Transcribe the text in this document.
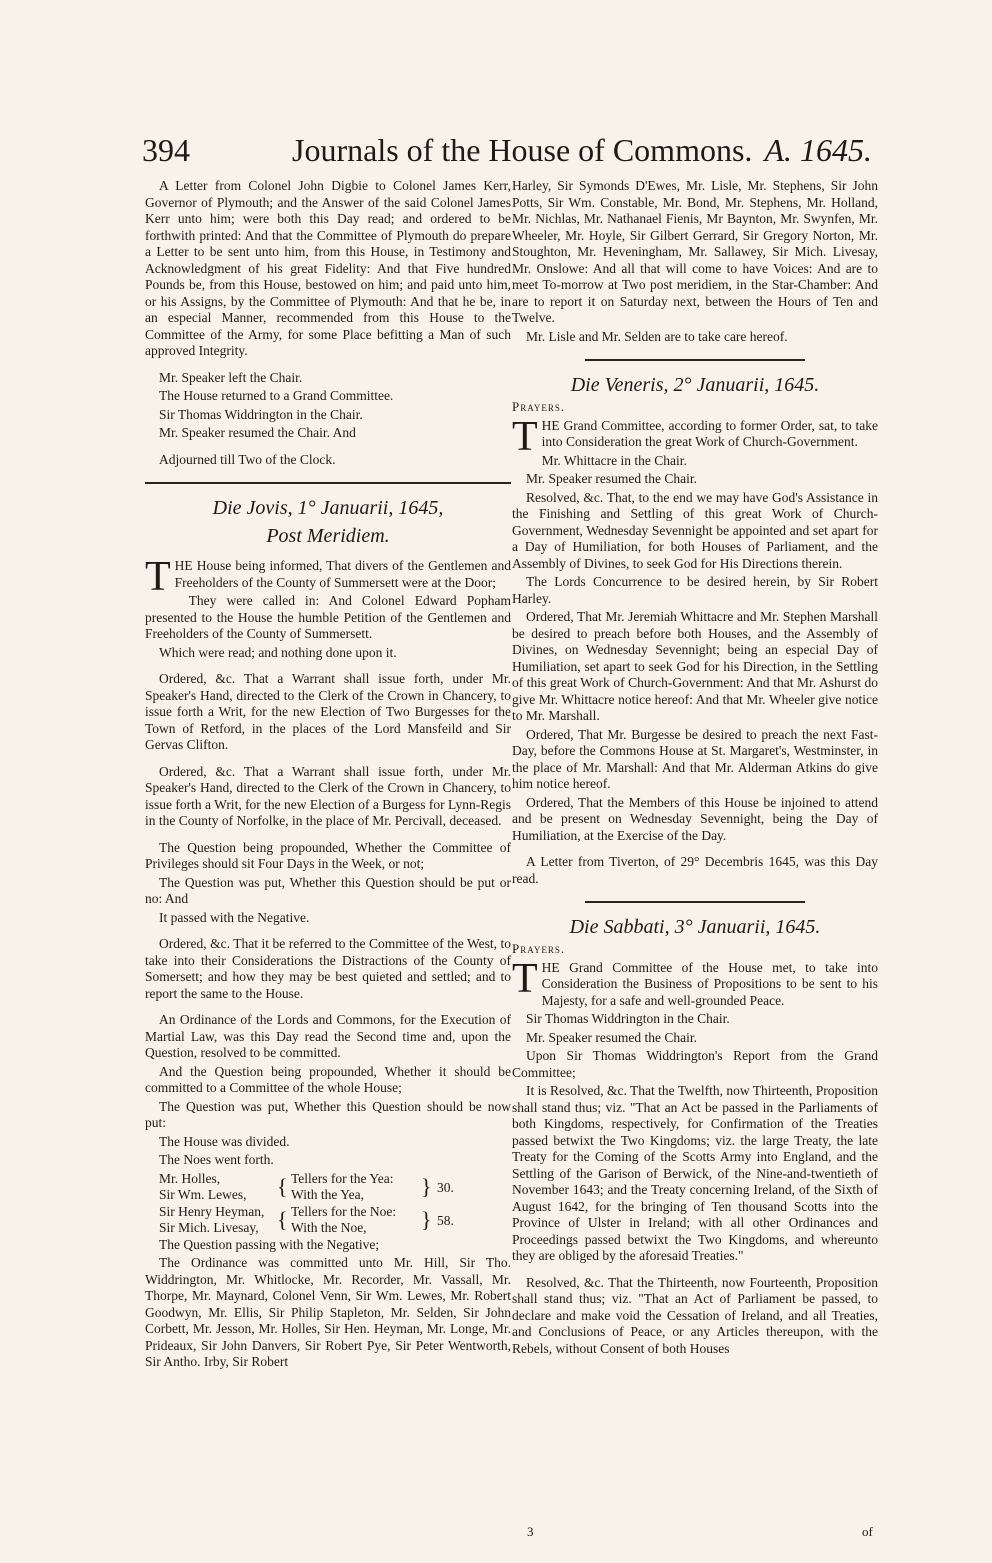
394	Journals of the House of Commons. A. 1645.

A Letter from Colonel John Digbie to Colonel James Kerr, Governor of Plymouth; and the Answer of the said Colonel James Kerr unto him; were both this Day read; and ordered to be forthwith printed: And that the Committee of Plymouth do prepare a Letter to be sent unto him, from this House, in Testimony and Acknowledgment of his great Fidelity: And that Five hundred Pounds be, from this House, bestowed on him; and paid unto him, or his Assigns, by the Committee of Plymouth: And that he be, in an especial Manner, recommended from this House to the Committee of the Army, for some Place befitting a Man of such approved Integrity.

Mr. Speaker left the Chair.

The House returned to a Grand Committee.

Sir Thomas Widdrington in the Chair.

Mr. Speaker resumed the Chair. And

Adjourned till Two of the Clock.

Die Jovis, 1° Januarii, 1645,
Post Meridiem.

THE House being informed, That divers of the Gentlemen and Freeholders of the County of Summersett were at the Door;

They were called in: And Colonel Edward Popham presented to the House the humble Petition of the Gentlemen and Freeholders of the County of Summersett.

Which were read; and nothing done upon it.

Ordered, &c. That a Warrant shall issue forth, under Mr. Speaker's Hand, directed to the Clerk of the Crown in Chancery, to issue forth a Writ, for the new Election of Two Burgesses for the Town of Retford, in the places of the Lord Mansfeild and Sir Gervas Clifton.

Ordered, &c. That a Warrant shall issue forth, under Mr. Speaker's Hand, directed to the Clerk of the Crown in Chancery, to issue forth a Writ, for the new Election of a Burgess for Lynn-Regis in the County of Norfolke, in the place of Mr. Percivall, deceased.

The Question being propounded, Whether the Committee of Privileges should sit Four Days in the Week, or not;

The Question was put, Whether this Question should be put or no: And

It passed with the Negative.

Ordered, &c. That it be referred to the Committee of the West, to take into their Considerations the Distractions of the County of Somersett; and how they may be best quieted and settled; and to report the same to the House.

An Ordinance of the Lords and Commons, for the Execution of Martial Law, was this Day read the Second time and, upon the Question, resolved to be committed.

And the Question being propounded, Whether it should be committed to a Committee of the whole House;

The Question was put, Whether this Question should be now put:

The House was divided.

The Noes went forth.

Mr. Holles,	{ Tellers for the Yea:	} 30.
Sir Wm. Lewes,	With the Yea,
Sir Henry Heyman, { Tellers for the Noe:	} 58.
Sir Mich. Livesay,	With the Noe,

The Question passing with the Negative;

The Ordinance was committed unto Mr. Hill, Sir Tho. Widdrington, Mr. Whitlocke, Mr. Recorder, Mr. Vassall, Mr. Thorpe, Mr. Maynard, Colonel Venn, Sir Wm. Lewes, Mr. Robert Goodwyn, Mr. Ellis, Sir Philip Stapleton, Mr. Selden, Sir John Corbett, Mr. Jesson, Mr. Holles, Sir Hen. Heyman, Mr. Longe, Mr. Prideaux, Sir John Danvers, Sir Robert Pye, Sir Peter Wentworth, Sir Antho. Irby, Sir Robert

Harley, Sir Symonds D'Ewes, Mr. Lisle, Mr. Stephens, Sir John Potts, Sir Wm. Constable, Mr. Bond, Mr. Stephens, Mr. Holland, Mr. Nichlas, Mr. Nathanael Fienis, Mr Baynton, Mr. Swynfen, Mr. Wheeler, Mr. Hoyle, Sir Gilbert Gerrard, Sir Gregory Norton, Mr. Stoughton, Mr. Heveningham, Mr. Sallawey, Sir Mich. Livesay, Mr. Onslowe: And all that will come to have Voices: And are to meet To-morrow at Two post meridiem, in the Star-Chamber: And are to report it on Saturday next, between the Hours of Ten and Twelve.

Mr. Lisle and Mr. Selden are to take care hereof.

Die Veneris, 2° Januarii, 1645.
Prayers.

THE Grand Committee, according to former Order, sat, to take into Consideration the great Work of Church-Government.

Mr. Whittacre in the Chair.

Mr. Speaker resumed the Chair.

Resolved, &c. That, to the end we may have God's Assistance in the Finishing and Settling of this great Work of Church-Government, Wednesday Sevennight be appointed and set apart for a Day of Humiliation, for both Houses of Parliament, and the Assembly of Divines, to seek God for His Directions therein.

The Lords Concurrence to be desired herein, by Sir Robert Harley.

Ordered, That Mr. Jeremiah Whittacre and Mr. Stephen Marshall be desired to preach before both Houses, and the Assembly of Divines, on Wednesday Sevennight; being an especial Day of Humiliation, set apart to seek God for his Direction, in the Settling of this great Work of Church-Government: And that Mr. Ashurst do give Mr. Whittacre notice hereof: And that Mr. Wheeler give notice to Mr. Marshall.

Ordered, That Mr. Burgesse be desired to preach the next Fast-Day, before the Commons House at St. Margaret's, Westminster, in the place of Mr. Marshall: And that Mr. Alderman Atkins do give him notice hereof.

Ordered, That the Members of this House be injoined to attend and be present on Wednesday Sevennight, being the Day of Humiliation, at the Exercise of the Day.

A Letter from Tiverton, of 29° Decembris 1645, was this Day read.

Die Sabbati, 3° Januarii, 1645.
Prayers.

THE Grand Committee of the House met, to take into Consideration the Business of Propositions to be sent to his Majesty, for a safe and well-grounded Peace.

Sir Thomas Widdrington in the Chair.

Mr. Speaker resumed the Chair.

Upon Sir Thomas Widdrington's Report from the Grand Committee;

It is Resolved, &c. That the Twelfth, now Thirteenth, Proposition shall stand thus; viz. "That an Act be passed in the Parliaments of both Kingdoms, respectively, for Confirmation of the Treaties passed betwixt the Two Kingdoms; viz. the large Treaty, the late Treaty for the Coming of the Scotts Army into England, and the Settling of the Garison of Berwick, of the Nine-and-twentieth of November 1643; and the Treaty concerning Ireland, of the Sixth of August 1642, for the bringing of Ten thousand Scotts into the Province of Ulster in Ireland; with all other Ordinances and Proceedings passed betwixt the Two Kingdoms, and whereunto they are obliged by the aforesaid Treaties."

Resolved, &c. That the Thirteenth, now Fourteenth, Proposition shall stand thus; viz. "That an Act of Parliament be passed, to declare and make void the Cessation of Ireland, and all Treaties, and Conclusions of Peace, or any Articles thereupon, with the Rebels, without Consent of both Houses

3	of
